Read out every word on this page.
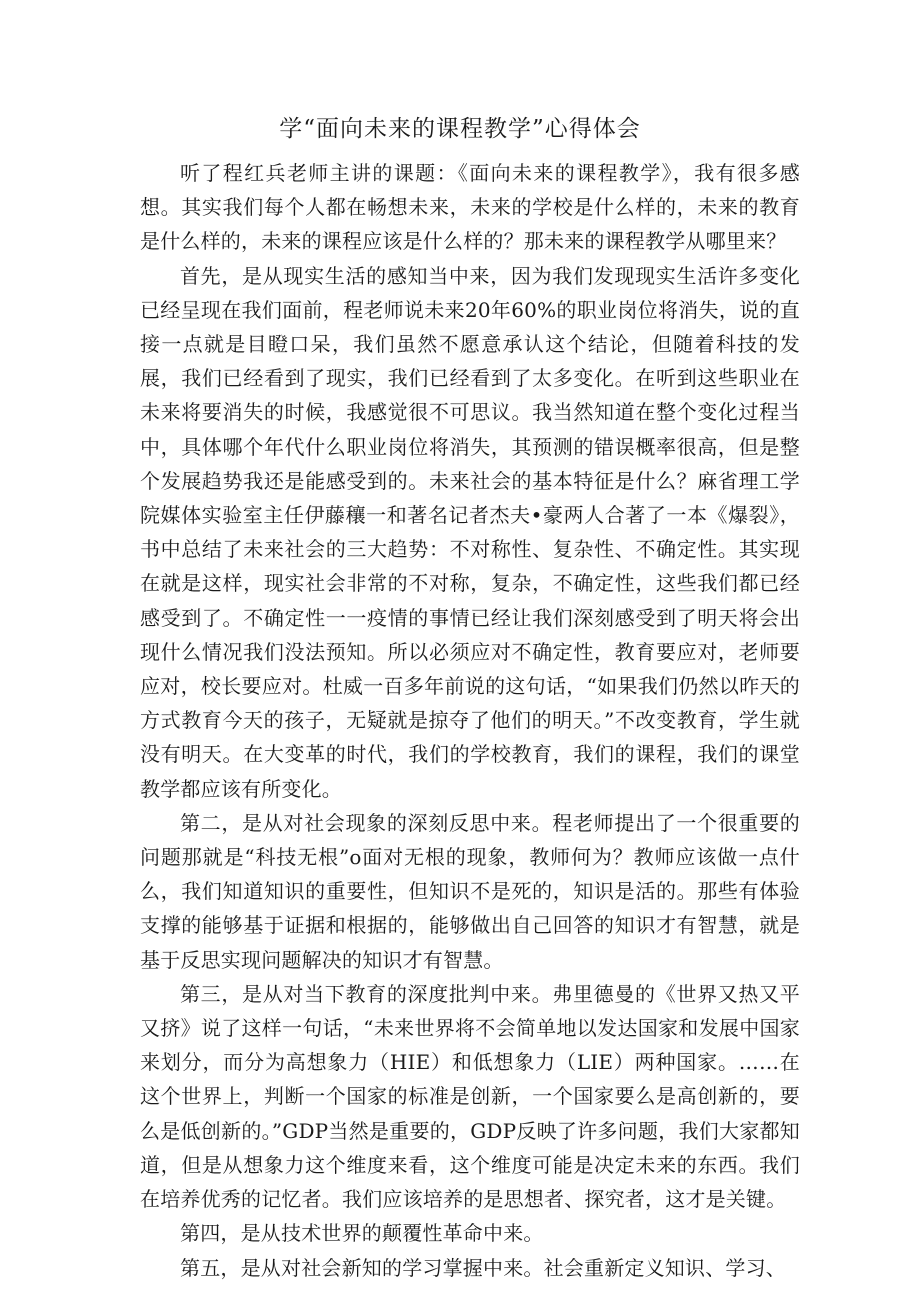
学“面向未来的课程教学”心得体会

听了程红兵老师主讲的课题：《面向未来的课程教学》，我有很多感想。其实我们每个人都在畅想未来，未来的学校是什么样的，未来的教育是什么样的，未来的课程应该是什么样的？那未来的课程教学从哪里来？

首先，是从现实生活的感知当中来，因为我们发现现实生活许多变化已经呈现在我们面前，程老师说未来20年60%的职业岗位将消失，说的直接一点就是目瞪口呆，我们虽然不愿意承认这个结论，但随着科技的发展，我们已经看到了现实，我们已经看到了太多变化。在听到这些职业在未来将要消失的时候，我感觉很不可思议。我当然知道在整个变化过程当中，具体哪个年代什么职业岗位将消失，其预测的错误概率很高，但是整个发展趋势我还是能感受到的。未来社会的基本特征是什么？麻省理工学院媒体实验室主任伊藤穰一和著名记者杰夫•豪两人合著了一本《爆裂》，书中总结了未来社会的三大趋势：不对称性、复杂性、不确定性。其实现在就是这样，现实社会非常的不对称，复杂，不确定性，这些我们都已经感受到了。不确定性一一疫情的事情已经让我们深刻感受到了明天将会出现什么情况我们没法预知。所以必须应对不确定性，教育要应对，老师要应对，校长要应对。杜威一百多年前说的这句话，“如果我们仍然以昨天的方式教育今天的孩子，无疑就是掠夺了他们的明天。”不改变教育，学生就没有明天。在大变革的时代，我们的学校教育，我们的课程，我们的课堂教学都应该有所变化。

第二，是从对社会现象的深刻反思中来。程老师提出了一个很重要的问题那就是“科技无根”o面对无根的现象，教师何为？教师应该做一点什么，我们知道知识的重要性，但知识不是死的，知识是活的。那些有体验支撑的能够基于证据和根据的，能够做出自己回答的知识才有智慧，就是基于反思实现问题解决的知识才有智慧。

第三，是从对当下教育的深度批判中来。弗里德曼的《世界又热又平又挤》说了这样一句话，“未来世界将不会简单地以发达国家和发展中国家来划分，而分为高想象力（HIE）和低想象力（LIE）两种国家。……在这个世界上，判断一个国家的标准是创新，一个国家要么是高创新的，要么是低创新的。”GDP当然是重要的，GDP反映了许多问题，我们大家都知道，但是从想象力这个维度来看，这个维度可能是决定未来的东西。我们在培养优秀的记忆者。我们应该培养的是思想者、探究者，这才是关键。

第四，是从技术世界的颠覆性革命中来。

第五，是从对社会新知的学习掌握中来。社会重新定义知识、学习、
